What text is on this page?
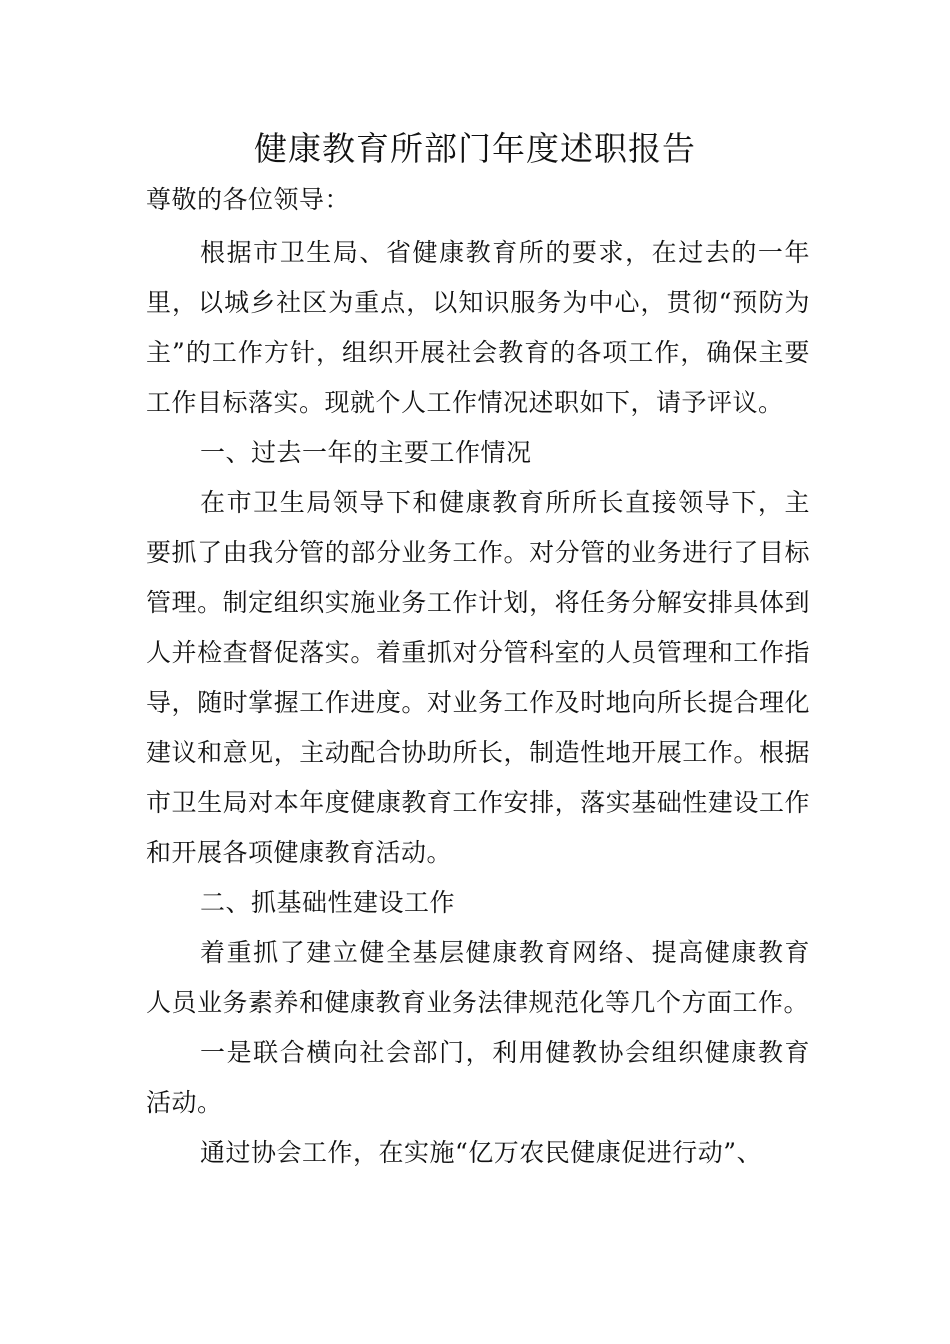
健康教育所部门年度述职报告

尊敬的各位领导：

根据市卫生局、省健康教育所的要求，在过去的一年里，以城乡社区为重点，以知识服务为中心，贯彻“预防为主”的工作方针，组织开展社会教育的各项工作，确保主要工作目标落实。现就个人工作情况述职如下，请予评议。

一、过去一年的主要工作情况

在市卫生局领导下和健康教育所所长直接领导下，主要抓了由我分管的部分业务工作。对分管的业务进行了目标管理。制定组织实施业务工作计划，将任务分解安排具体到人并检查督促落实。着重抓对分管科室的人员管理和工作指导，随时掌握工作进度。对业务工作及时地向所长提合理化建议和意见，主动配合协助所长，制造性地开展工作。根据市卫生局对本年度健康教育工作安排，落实基础性建设工作和开展各项健康教育活动。

二、抓基础性建设工作

着重抓了建立健全基层健康教育网络、提高健康教育人员业务素养和健康教育业务法律规范化等几个方面工作。

一是联合横向社会部门，利用健教协会组织健康教育活动。

通过协会工作，在实施“亿万农民健康促进行动”、
